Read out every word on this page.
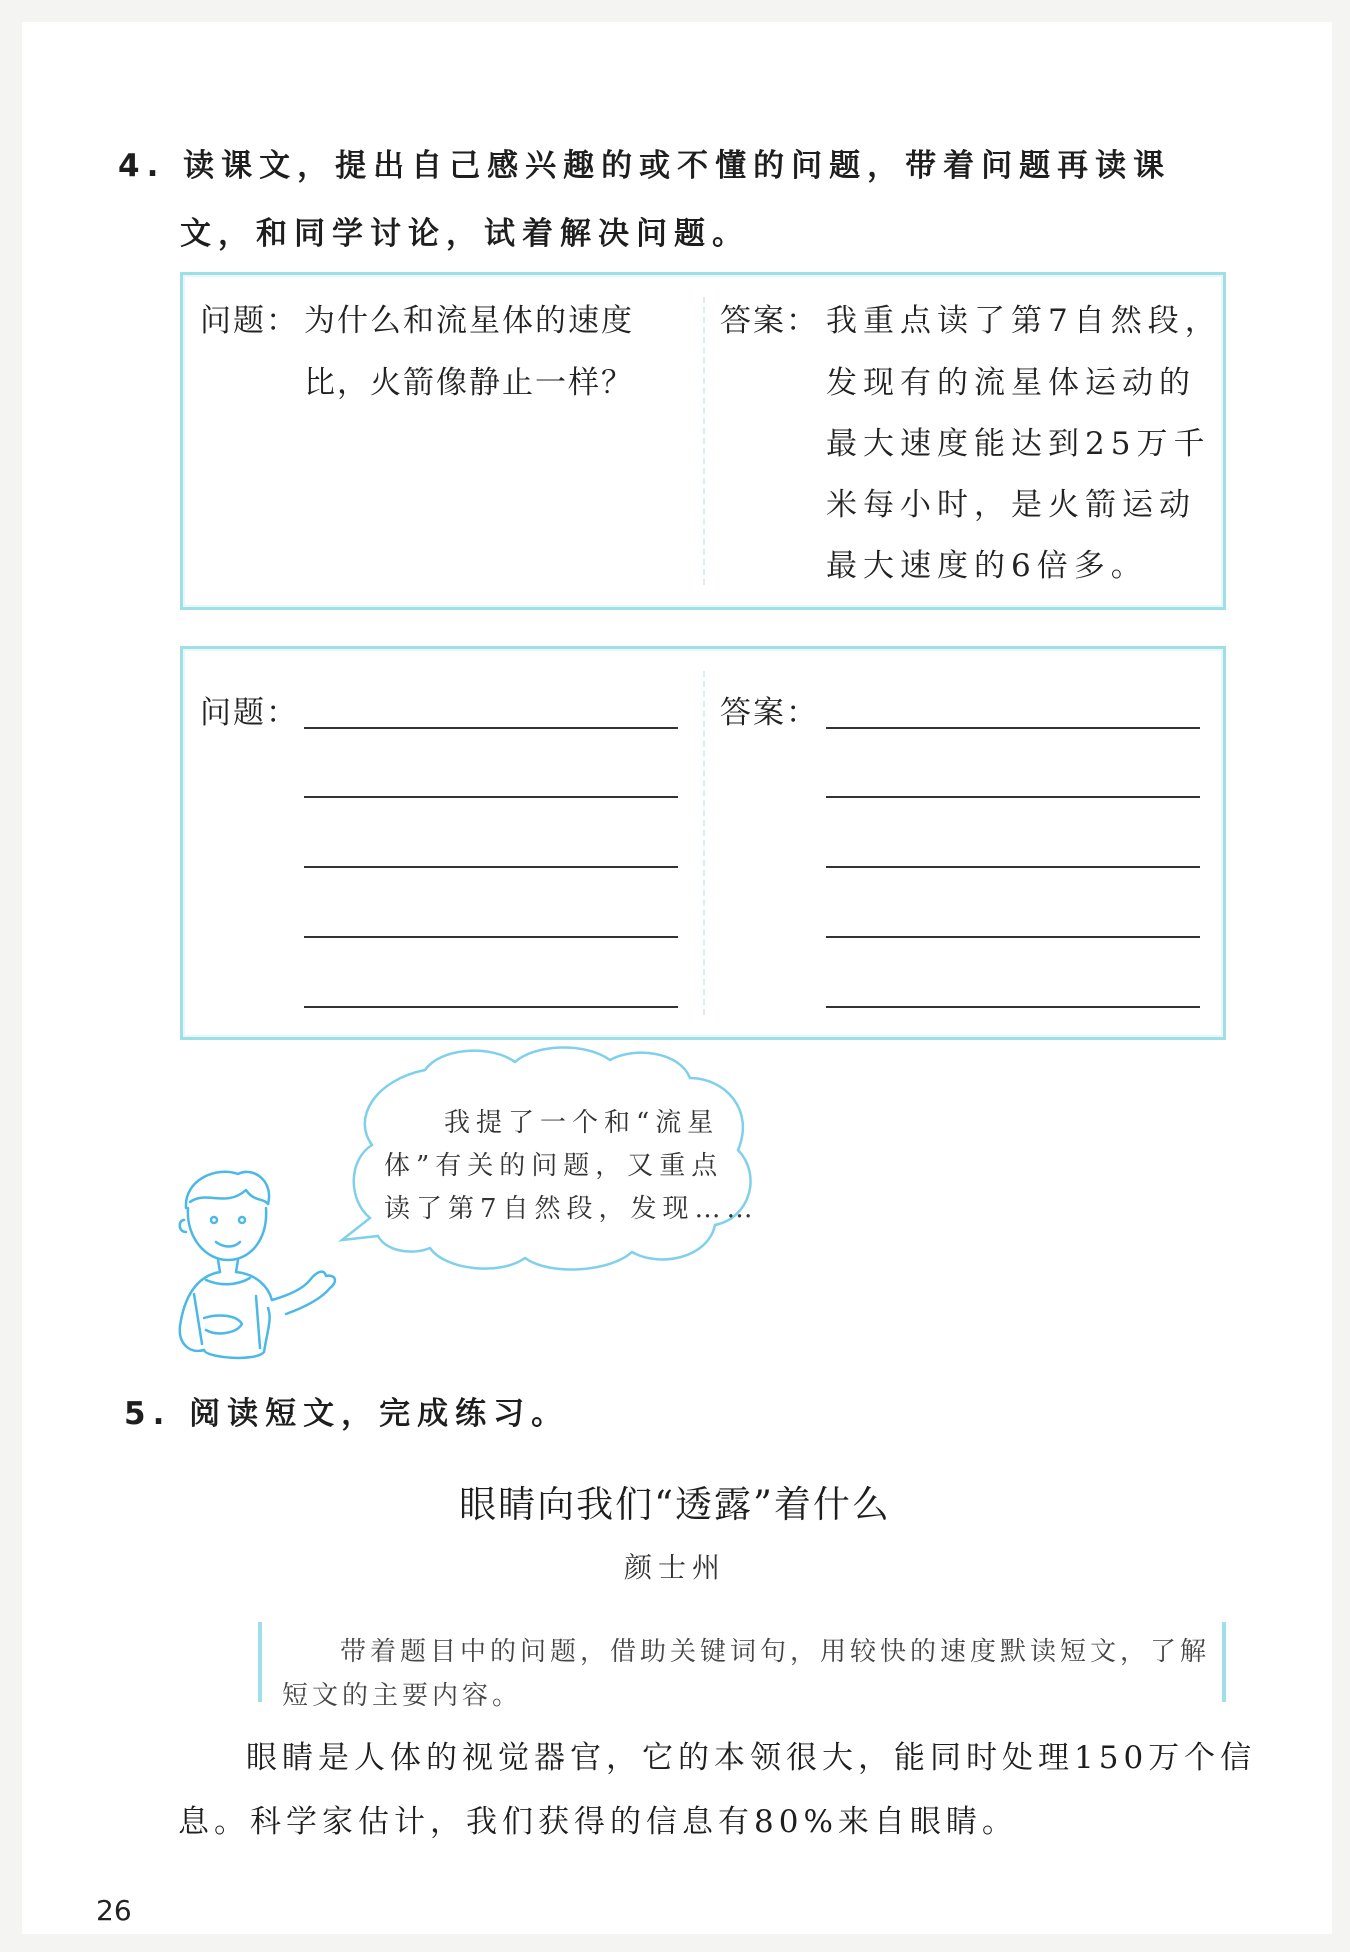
4. 读课文，提出自己感兴趣的或不懂的问题，带着问题再读课
文，和同学讨论，试着解决问题。
问题： 为什么和流星体的速度
比，火箭像静止一样？
答案： 我重点读了第7自然段，
发现有的流星体运动的
最大速度能达到25万千
米每小时，是火箭运动
最大速度的6倍多。
问题：	答案：
我提了一个和“流星
体”有关的问题，又重点
读了第7自然段，发现……
5. 阅读短文，完成练习。
眼睛向我们“透露”着什么
颜士州
带着题目中的问题，借助关键词句，用较快的速度默读短文，了解
短文的主要内容。
眼睛是人体的视觉器官，它的本领很大，能同时处理150万个信
息。科学家估计，我们获得的信息有80%来自眼睛。
26
